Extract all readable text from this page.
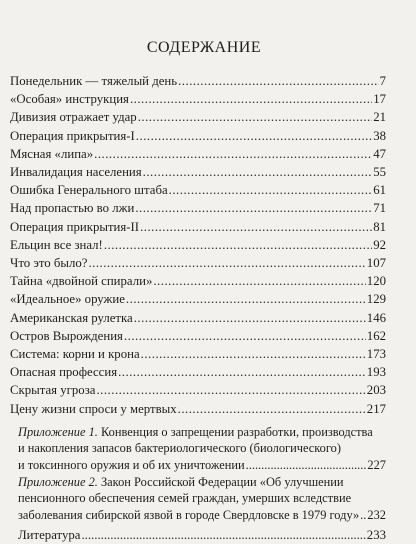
СОДЕРЖАНИЕ
Понедельник — тяжелый день .....	7
«Особая» инструкция .....	17
Дивизия отражает удар .....	21
Операция прикрытия-I .....	38
Мясная «липа» .....	47
Инвалидация населения .....	55
Ошибка Генерального штаба .....	61
Над пропастью во лжи .....	71
Операция прикрытия-II .....	81
Ельцин все знал! .....	92
Что это было? .....	107
Тайна «двойной спирали» .....	120
«Идеальное» оружие .....	129
Американская рулетка .....	146
Остров Вырождения .....	162
Система: корни и крона .....	173
Опасная профессия .....	193
Скрытая угроза .....	203
Цену жизни спроси у мертвых .....	217
Приложение 1. Конвенция о запрещении разработки, производства
и накопления запасов бактериологического (биологического)
и токсинного оружия и об их уничтожении .....	227
Приложение 2. Закон Российской Федерации «Об улучшении
пенсионного обеспечения семей граждан, умерших вследствие
заболевания сибирской язвой в городе Свердловске в 1979 году» ..... 232
Литература .....	233
